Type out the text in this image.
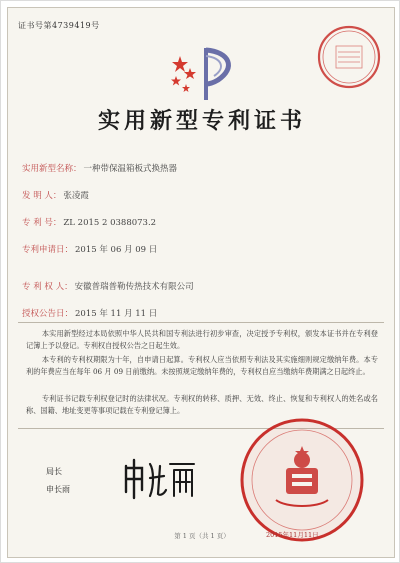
证书号第4739419号
实用新型专利证书
实用新型名称： 一种带保温箱板式换热器
发 明 人： 张凌霞
专 利 号： ZL 2015 2 0388073.2
专利申请日： 2015 年 06 月 09 日
专 利 权 人： 安徽普瑞普勒传热技术有限公司
授权公告日： 2015 年 11 月 11 日
本实用新型经过本局依照中华人民共和国专利法进行初步审查，决定授予专利权，颁发本证书并在专利登记簿上予以登记。专利权自授权公告之日起生效。
本专利的专利权期限为十年，自申请日起算。专利权人应当依照专利法及其实施细则规定缴纳年费。本专利的年费应当在每年 06 月 09 日前缴纳。未按照规定缴纳年费的，专利权自应当缴纳年费期满之日起终止。
专利证书记载专利权登记时的法律状况。专利权的转移、质押、无效、终止、恢复和专利权人的姓名或名称、国籍、地址变更等事项记载在专利登记簿上。
局长
申长雨
第 1 页（共 1 页）	2015年11月11日
